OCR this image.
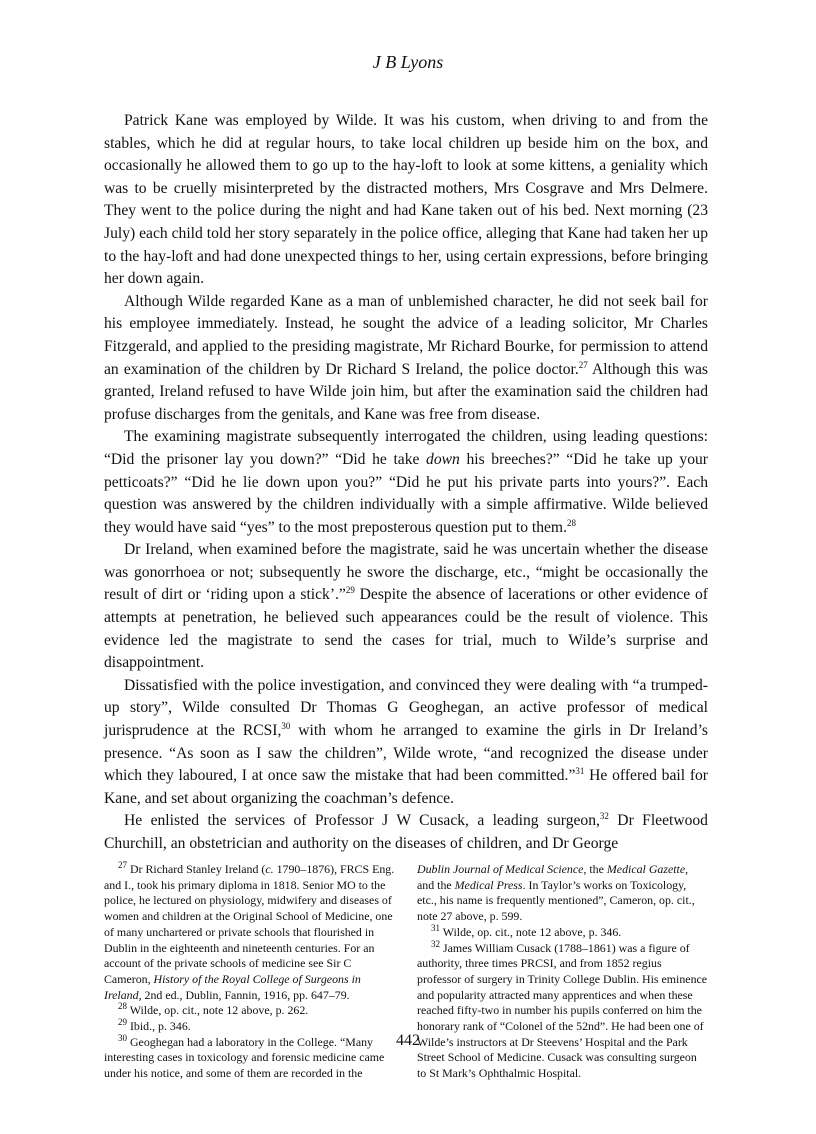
J B Lyons

Patrick Kane was employed by Wilde. It was his custom, when driving to and from the stables, which he did at regular hours, to take local children up beside him on the box, and occasionally he allowed them to go up to the hay-loft to look at some kittens, a geniality which was to be cruelly misinterpreted by the distracted mothers, Mrs Cosgrave and Mrs Delmere. They went to the police during the night and had Kane taken out of his bed. Next morning (23 July) each child told her story separately in the police office, alleging that Kane had taken her up to the hay-loft and had done unexpected things to her, using certain expressions, before bringing her down again.

Although Wilde regarded Kane as a man of unblemished character, he did not seek bail for his employee immediately. Instead, he sought the advice of a leading solicitor, Mr Charles Fitzgerald, and applied to the presiding magistrate, Mr Richard Bourke, for permission to attend an examination of the children by Dr Richard S Ireland, the police doctor.$^{27}$ Although this was granted, Ireland refused to have Wilde join him, but after the examination said the children had profuse discharges from the genitals, and Kane was free from disease.

The examining magistrate subsequently interrogated the children, using leading questions: “Did the prisoner lay you down?” “Did he take down his breeches?” “Did he take up your petticoats?” “Did he lie down upon you?” “Did he put his private parts into yours?”. Each question was answered by the children individually with a simple affirmative. Wilde believed they would have said “yes” to the most preposterous question put to them.$^{28}$

Dr Ireland, when examined before the magistrate, said he was uncertain whether the disease was gonorrhoea or not; subsequently he swore the discharge, etc., “might be occasionally the result of dirt or ‘riding upon a stick’.”$^{29}$ Despite the absence of lacerations or other evidence of attempts at penetration, he believed such appearances could be the result of violence. This evidence led the magistrate to send the cases for trial, much to Wilde’s surprise and disappointment.

Dissatisfied with the police investigation, and convinced they were dealing with “a trumped-up story”, Wilde consulted Dr Thomas G Geoghegan, an active professor of medical jurisprudence at the RCSI,$^{30}$ with whom he arranged to examine the girls in Dr Ireland’s presence. “As soon as I saw the children”, Wilde wrote, “and recognized the disease under which they laboured, I at once saw the mistake that had been committed.”$^{31}$ He offered bail for Kane, and set about organizing the coachman’s defence.

He enlisted the services of Professor J W Cusack, a leading surgeon,$^{32}$ Dr Fleetwood Churchill, an obstetrician and authority on the diseases of children, and Dr George

$^{27}$ Dr Richard Stanley Ireland (c. 1790–1876), FRCS Eng. and I., took his primary diploma in 1818. Senior MO to the police, he lectured on physiology, midwifery and diseases of women and children at the Original School of Medicine, one of many unchartered or private schools that flourished in Dublin in the eighteenth and nineteenth centuries. For an account of the private schools of medicine see Sir C Cameron, History of the Royal College of Surgeons in Ireland, 2nd ed., Dublin, Fannin, 1916, pp. 647–79.

$^{28}$ Wilde, op. cit., note 12 above, p. 262.

$^{29}$ Ibid., p. 346.

$^{30}$ Geoghegan had a laboratory in the College. “Many interesting cases in toxicology and forensic medicine came under his notice, and some of them are recorded in the Dublin Journal of Medical Science, the Medical Gazette, and the Medical Press. In Taylor’s works on Toxicology, etc., his name is frequently mentioned”, Cameron, op. cit., note 27 above, p. 599.

$^{31}$ Wilde, op. cit., note 12 above, p. 346.

$^{32}$ James William Cusack (1788–1861) was a figure of authority, three times PRCSI, and from 1852 regius professor of surgery in Trinity College Dublin. His eminence and popularity attracted many apprentices and when these reached fifty-two in number his pupils conferred on him the honorary rank of “Colonel of the 52nd”. He had been one of Wilde’s instructors at Dr Steevens’ Hospital and the Park Street School of Medicine. Cusack was consulting surgeon to St Mark’s Ophthalmic Hospital.

442
